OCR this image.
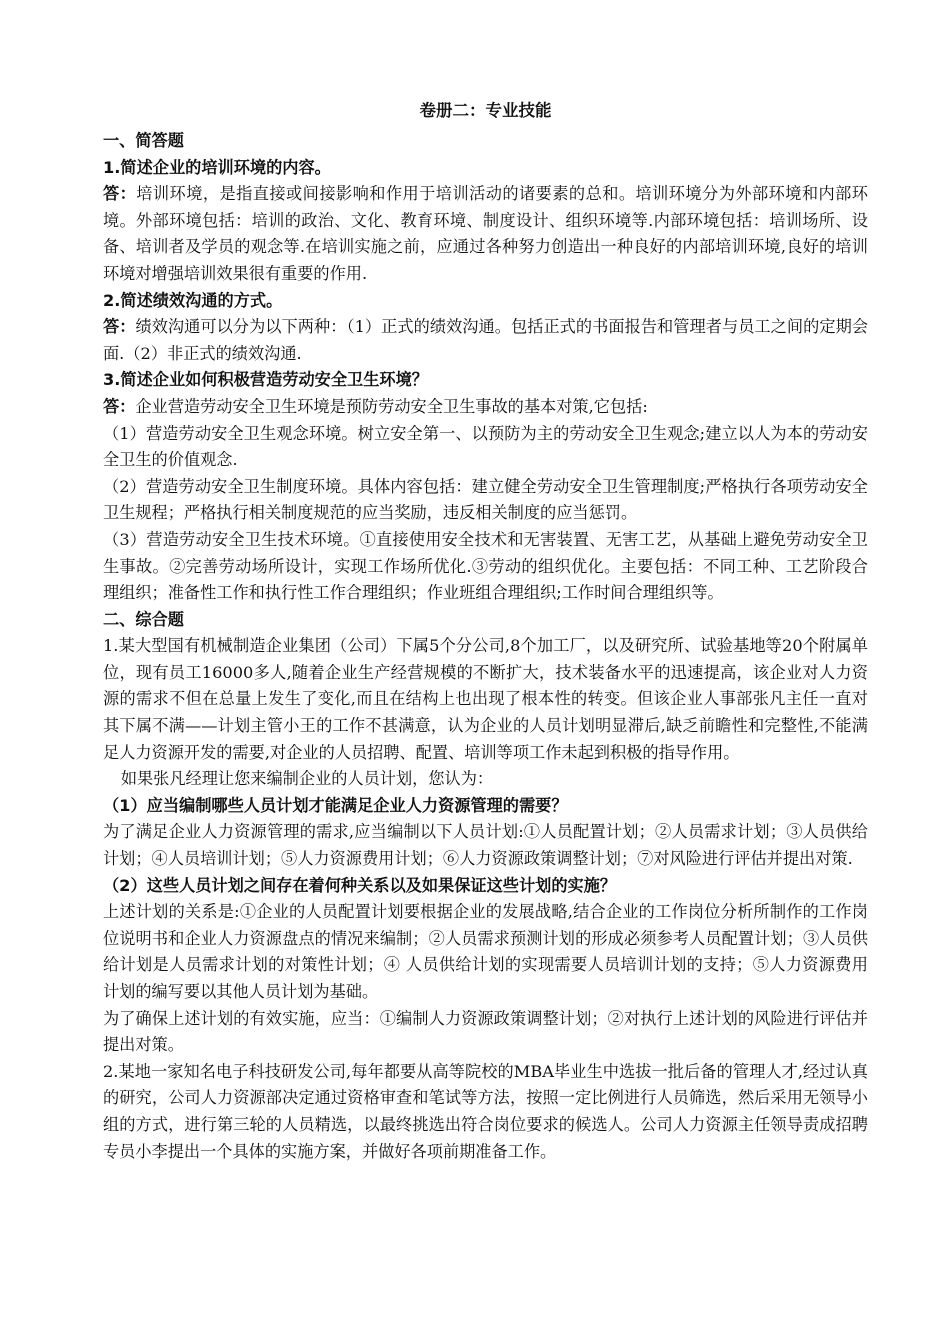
卷册二：专业技能
一、简答题
1.简述企业的培训环境的内容。

答：培训环境，是指直接或间接影响和作用于培训活动的诸要素的总和。培训环境分为外部环境和内部环境。外部环境包括：培训的政治、文化、教育环境、制度设计、组织环境等.内部环境包括：培训场所、设备、培训者及学员的观念等.在培训实施之前，应通过各种努力创造出一种良好的内部培训环境,良好的培训环境对增强培训效果很有重要的作用.

2.简述绩效沟通的方式。

答：绩效沟通可以分为以下两种：（1）正式的绩效沟通。包括正式的书面报告和管理者与员工之间的定期会面.（2）非正式的绩效沟通.

3.简述企业如何积极营造劳动安全卫生环境？

答：企业营造劳动安全卫生环境是预防劳动安全卫生事故的基本对策,它包括:

（1）营造劳动安全卫生观念环境。树立安全第一、以预防为主的劳动安全卫生观念;建立以人为本的劳动安全卫生的价值观念.

（2）营造劳动安全卫生制度环境。具体内容包括：建立健全劳动安全卫生管理制度;严格执行各项劳动安全卫生规程；严格执行相关制度规范的应当奖励，违反相关制度的应当惩罚。

（3）营造劳动安全卫生技术环境。①直接使用安全技术和无害装置、无害工艺，从基础上避免劳动安全卫生事故。②完善劳动场所设计，实现工作场所优化.③劳动的组织优化。主要包括：不同工种、工艺阶段合理组织；准备性工作和执行性工作合理组织；作业班组合理组织;工作时间合理组织等。

二、综合题

1.某大型国有机械制造企业集团（公司）下属5个分公司,8个加工厂，以及研究所、试验基地等20个附属单位，现有员工16000多人,随着企业生产经营规模的不断扩大，技术装备水平的迅速提高，该企业对人力资源的需求不但在总量上发生了变化,而且在结构上也出现了根本性的转变。但该企业人事部张凡主任一直对其下属不满——计划主管小王的工作不甚满意，认为企业的人员计划明显滞后,缺乏前瞻性和完整性,不能满足人力资源开发的需要,对企业的人员招聘、配置、培训等项工作未起到积极的指导作用。

如果张凡经理让您来编制企业的人员计划，您认为：

（1）应当编制哪些人员计划才能满足企业人力资源管理的需要？

为了满足企业人力资源管理的需求,应当编制以下人员计划:①人员配置计划；②人员需求计划；③人员供给计划；④人员培训计划；⑤人力资源费用计划；⑥人力资源政策调整计划；⑦对风险进行评估并提出对策.

（2）这些人员计划之间存在着何种关系以及如果保证这些计划的实施？

上述计划的关系是:①企业的人员配置计划要根据企业的发展战略,结合企业的工作岗位分析所制作的工作岗位说明书和企业人力资源盘点的情况来编制；②人员需求预测计划的形成必须参考人员配置计划；③人员供给计划是人员需求计划的对策性计划；④ 人员供给计划的实现需要人员培训计划的支持；⑤人力资源费用计划的编写要以其他人员计划为基础。

为了确保上述计划的有效实施，应当：①编制人力资源政策调整计划；②对执行上述计划的风险进行评估并提出对策。

2.某地一家知名电子科技研发公司,每年都要从高等院校的MBA毕业生中选拔一批后备的管理人才,经过认真的研究，公司人力资源部决定通过资格审查和笔试等方法，按照一定比例进行人员筛选，然后采用无领导小组的方式，进行第三轮的人员精选，以最终挑选出符合岗位要求的候选人。公司人力资源主任领导责成招聘专员小李提出一个具体的实施方案，并做好各项前期准备工作。
